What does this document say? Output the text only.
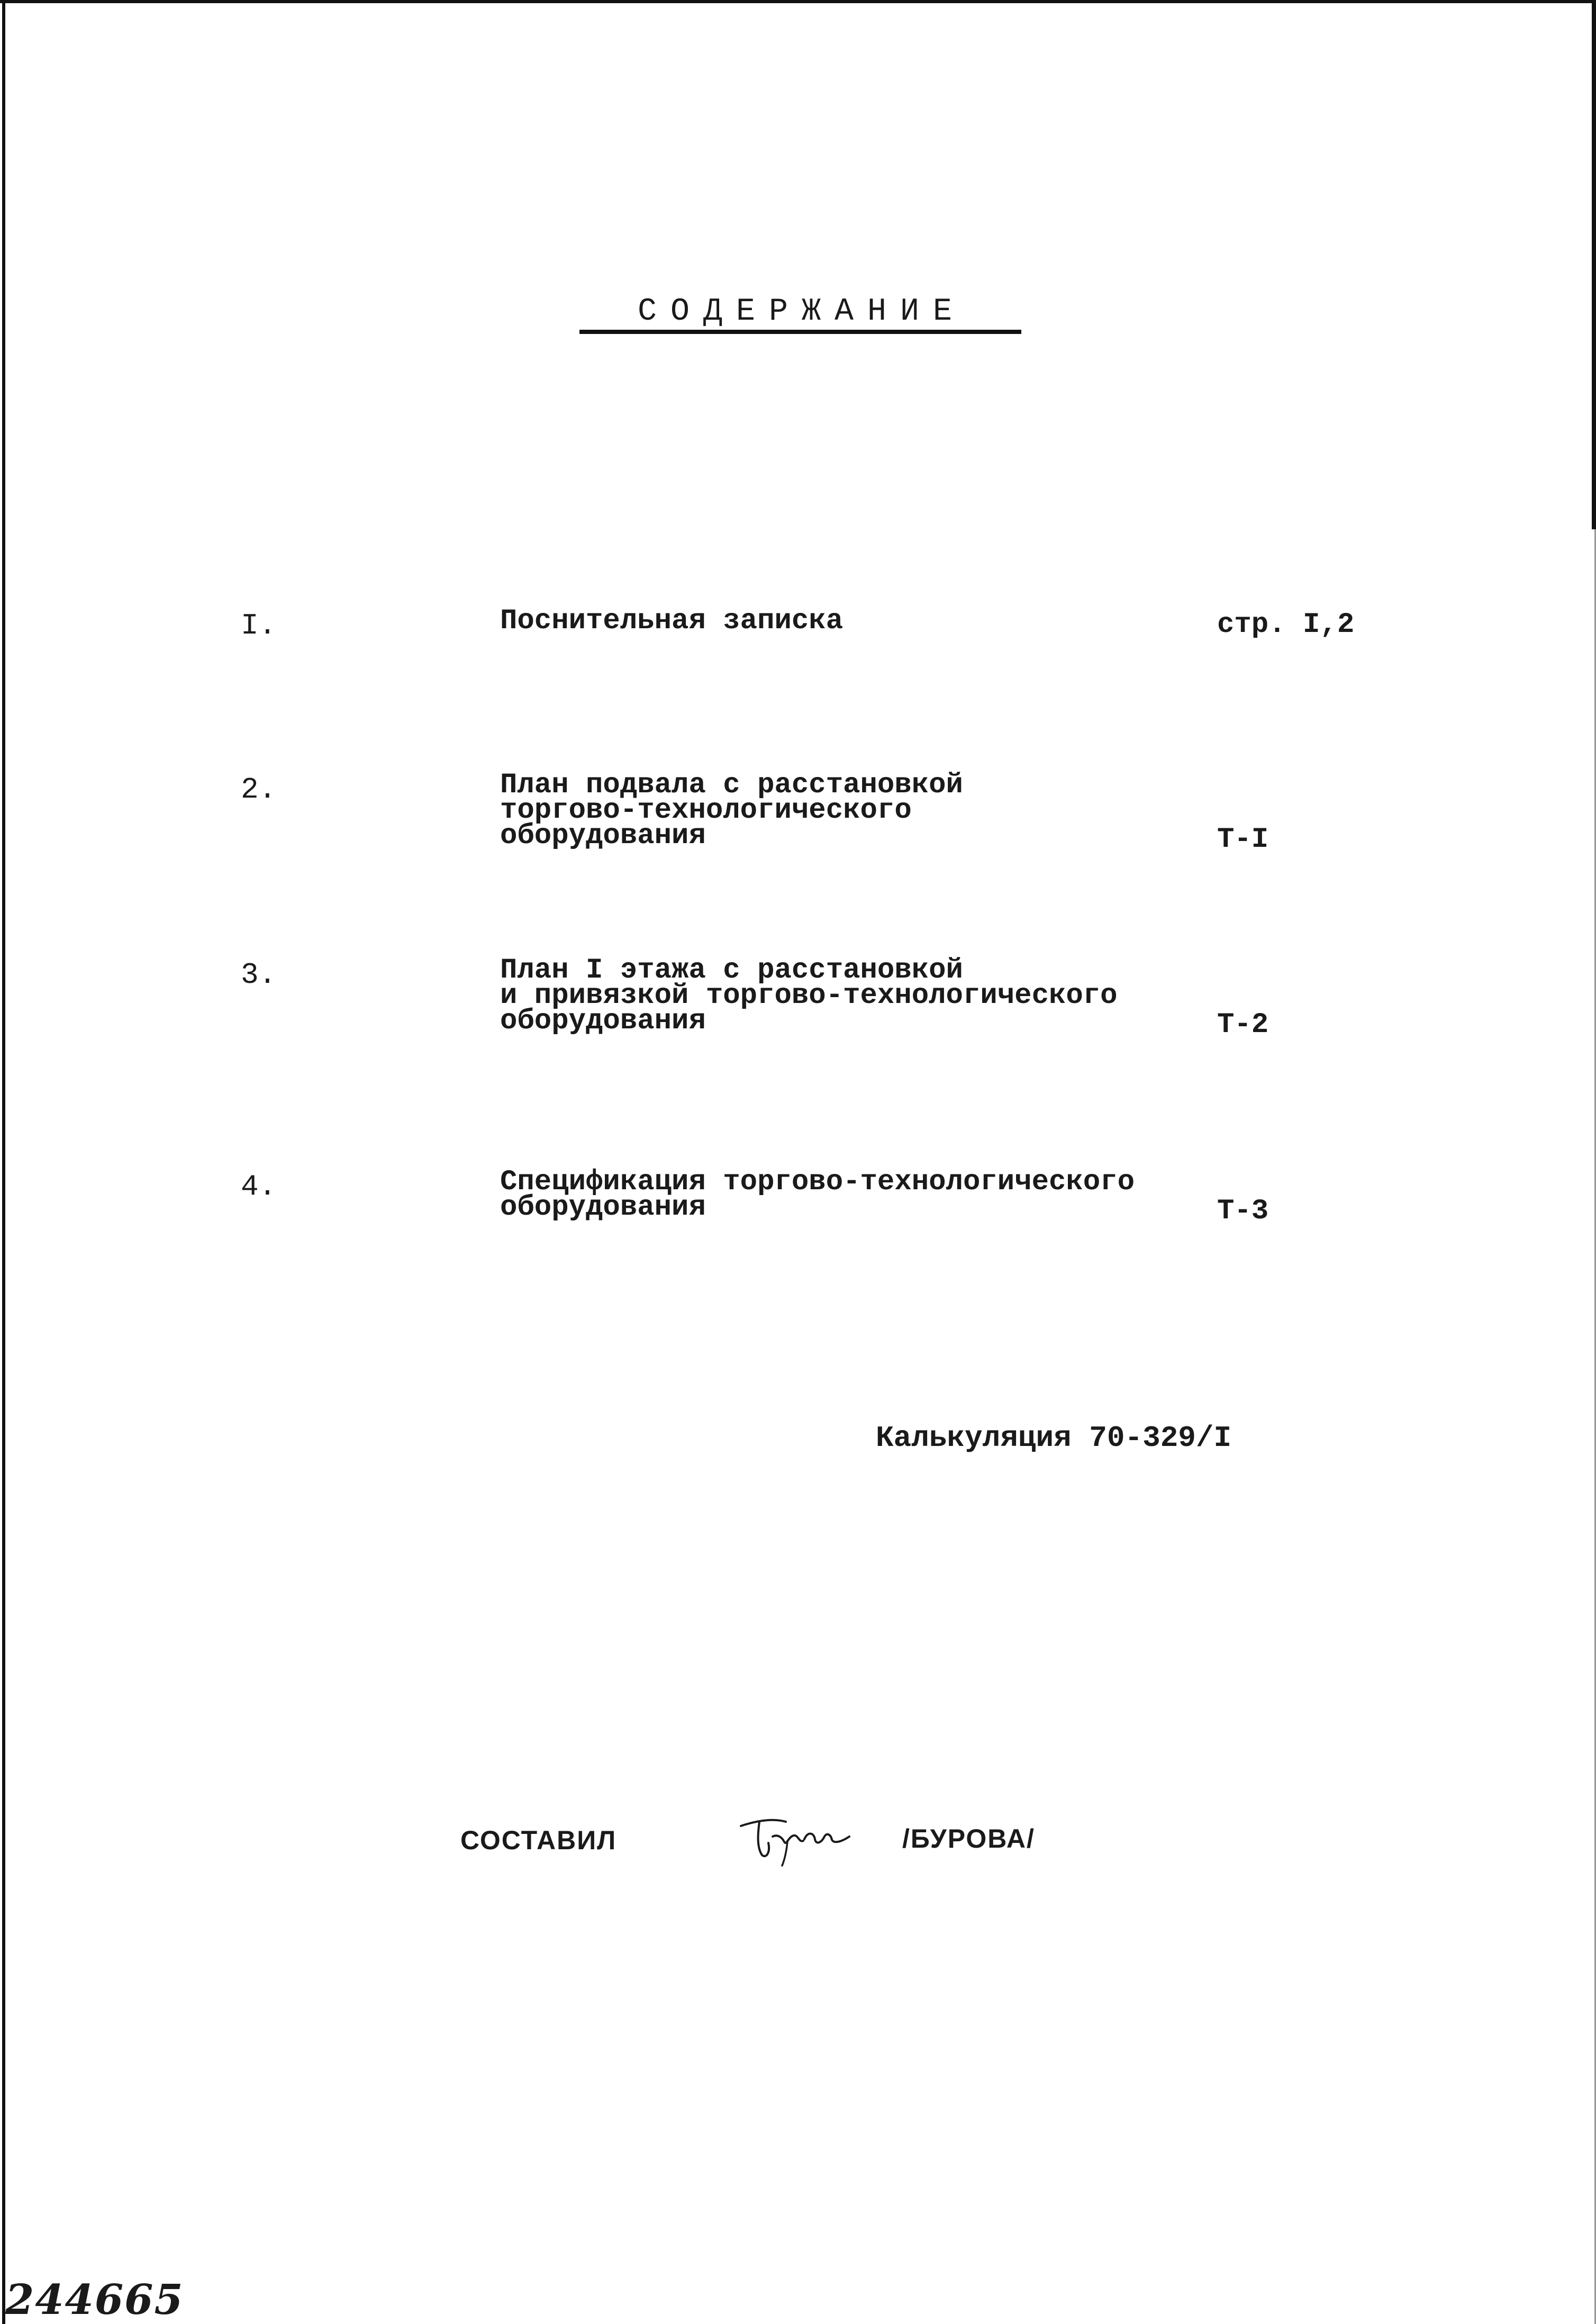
СОДЕРЖАНИЕ
I.	Поснительная записка	стр. I,2
2.	План подвала с расстановкой
торгово-технологического
оборудования	Т-I
3.	План I этажа с расстановкой
и привязкой торгово-технологического
оборудования	Т-2
4.	Спецификация торгово-технологического
оборудования	Т-3
Калькуляция 70-329/I
СОСТАВИЛ	/БУРОВА/
244665
